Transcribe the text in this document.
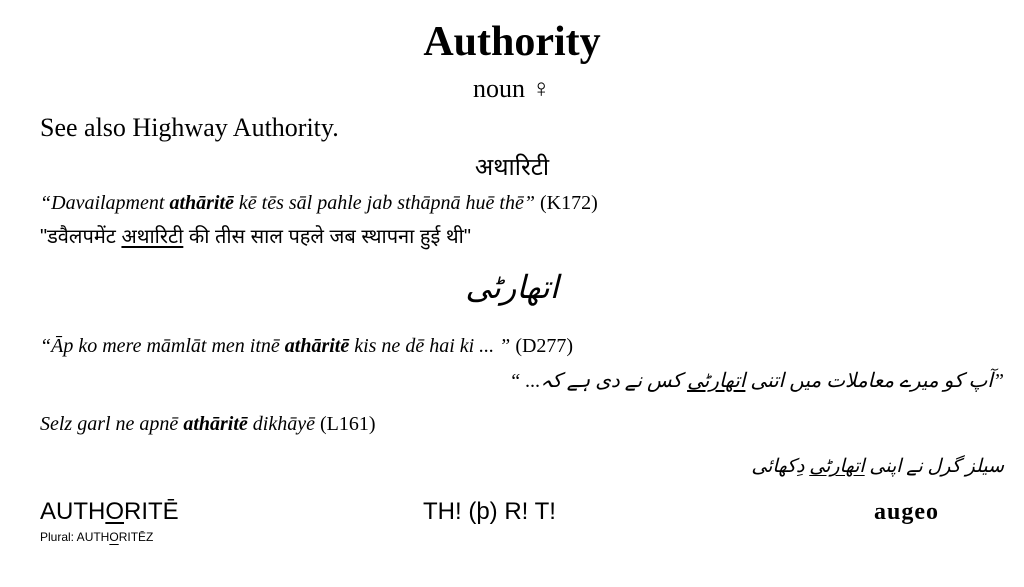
Authority
noun ♀
See also Highway Authority.
अथारिटी
“Davailapment athāritē kē tēs sāl pahle jab sthāpnā huē thē” (K172)
"डवैलपमेंट अथारिटी की तीस साल पहले जब स्थापना हुई थी"
اتھارٹی
“Āp ko mere māmlāt men itnē athāritē kis ne dē hai ki ... ” (D277)
”آپ کو میرے معاملات میں اتنی اتھارٹی کس نے دی ہے کہ... “
Selz garl ne apnē athāritē dikhāyē (L161)
سیلز گرل نے اپنی اتھارٹی دِکھائی
AUTHORITĒ
Plural: AUTHORITĒZ
TH! (þ) R! T!	augeo
